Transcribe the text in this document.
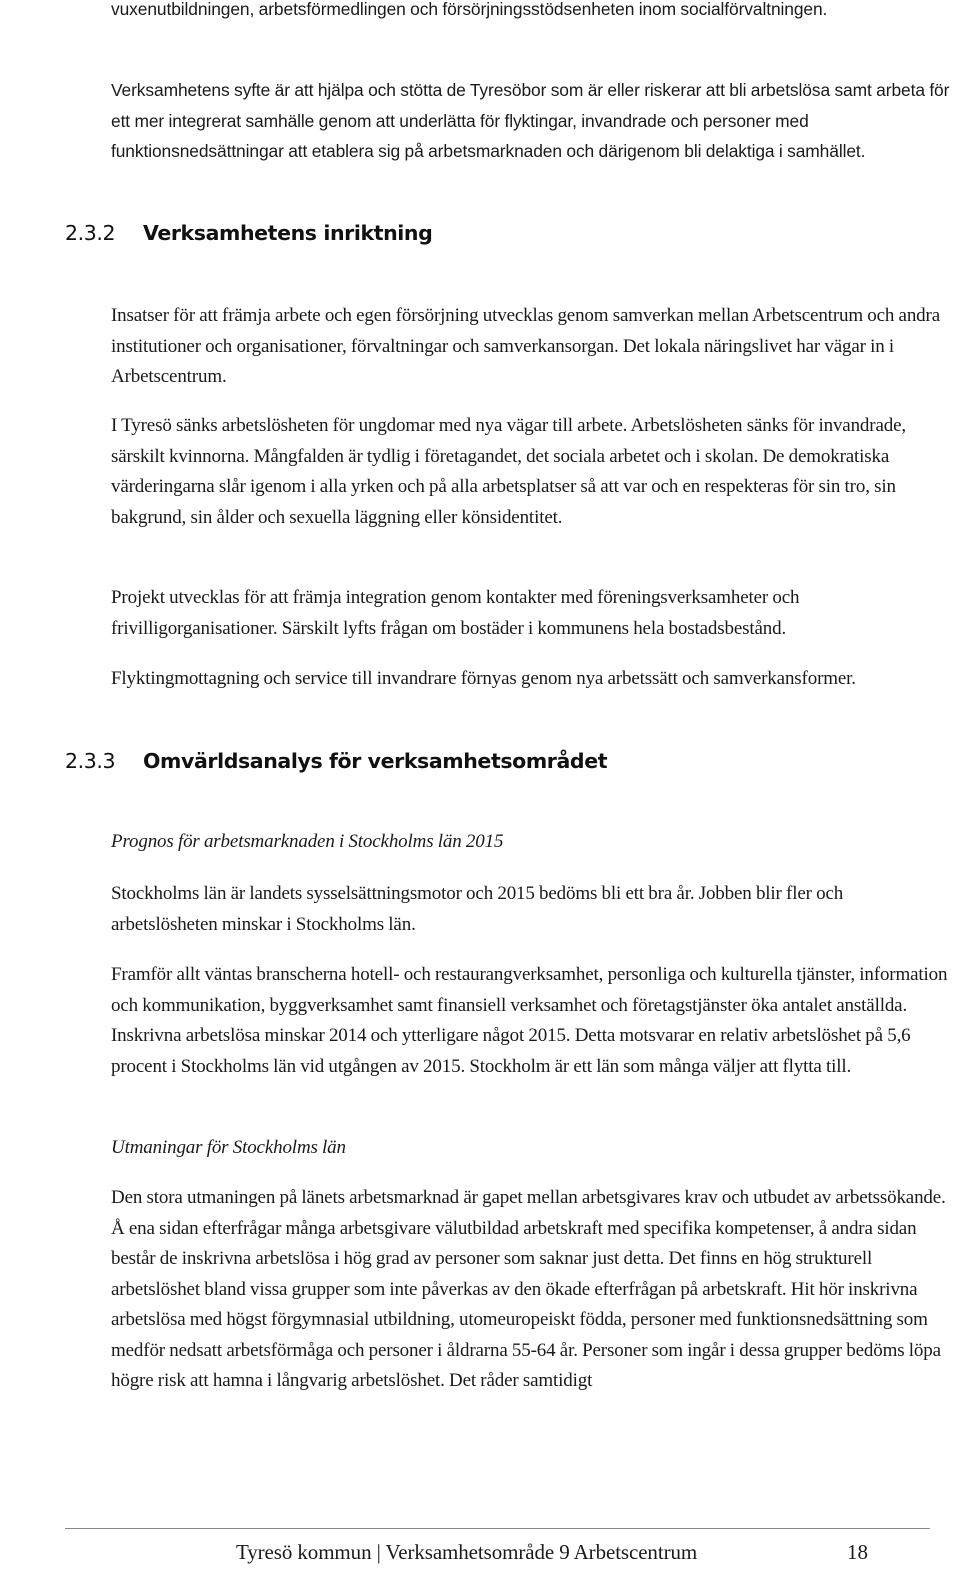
vuxenutbildningen, arbetsförmedlingen och försörjningsstödsenheten inom socialförvaltningen.

Verksamhetens syfte är att hjälpa och stötta de Tyresöbor som är eller riskerar att bli arbetslösa samt arbeta för ett mer integrerat samhälle genom att underlätta för flyktingar, invandrade och personer med funktionsnedsättningar att etablera sig på arbetsmarknaden och därigenom bli delaktiga i samhället.

2.3.2 Verksamhetens inriktning

Insatser för att främja arbete och egen försörjning utvecklas genom samverkan mellan Arbetscentrum och andra institutioner och organisationer, förvaltningar och samverkansorgan. Det lokala näringslivet har vägar in i Arbetscentrum.

I Tyresö sänks arbetslösheten för ungdomar med nya vägar till arbete. Arbetslösheten sänks för invandrade, särskilt kvinnorna. Mångfalden är tydlig i företagandet, det sociala arbetet och i skolan. De demokratiska värderingarna slår igenom i alla yrken och på alla arbetsplatser så att var och en respekteras för sin tro, sin bakgrund, sin ålder och sexuella läggning eller könsidentitet.

Projekt utvecklas för att främja integration genom kontakter med föreningsverksamheter och frivilligorganisationer. Särskilt lyfts frågan om bostäder i kommunens hela bostadsbestånd.

Flyktingmottagning och service till invandrare förnyas genom nya arbetssätt och samverkansformer.

2.3.3 Omvärldsanalys för verksamhetsområdet

Prognos för arbetsmarknaden i Stockholms län 2015

Stockholms län är landets sysselsättningsmotor och 2015 bedöms bli ett bra år. Jobben blir fler och arbetslösheten minskar i Stockholms län.

Framför allt väntas branscherna hotell- och restaurangverksamhet, personliga och kulturella tjänster, information och kommunikation, byggverksamhet samt finansiell verksamhet och företagstjänster öka antalet anställda. Inskrivna arbetslösa minskar 2014 och ytterligare något 2015. Detta motsvarar en relativ arbetslöshet på 5,6 procent i Stockholms län vid utgången av 2015. Stockholm är ett län som många väljer att flytta till.

Utmaningar för Stockholms län

Den stora utmaningen på länets arbetsmarknad är gapet mellan arbetsgivares krav och utbudet av arbetssökande. Å ena sidan efterfrågar många arbetsgivare välutbildad arbetskraft med specifika kompetenser, å andra sidan består de inskrivna arbetslösa i hög grad av personer som saknar just detta. Det finns en hög strukturell arbetslöshet bland vissa grupper som inte påverkas av den ökade efterfrågan på arbetskraft. Hit hör inskrivna arbetslösa med högst förgymnasial utbildning, utomeuropeiskt födda, personer med funktionsnedsättning som medför nedsatt arbetsförmåga och personer i åldrarna 55-64 år. Personer som ingår i dessa grupper bedöms löpa högre risk att hamna i långvarig arbetslöshet. Det råder samtidigt

Tyresö kommun | Verksamhetsområde 9 Arbetscentrum	18
